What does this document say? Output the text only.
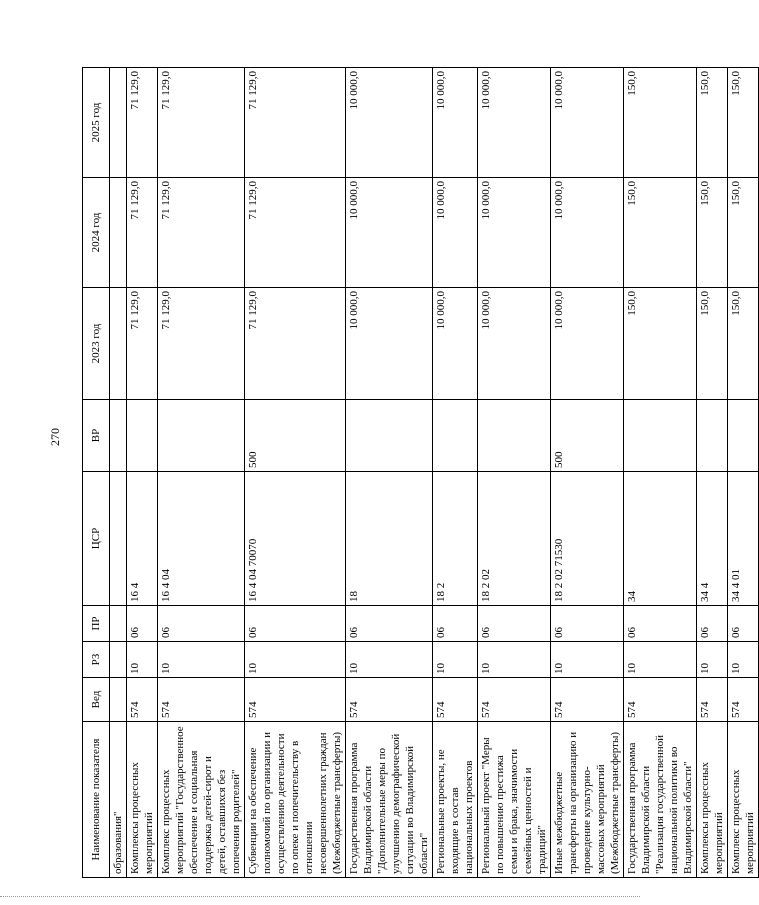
270
Наименование показателя	Вед	РЗ	ПР	ЦСР	ВР	2023 год	2024 год	2025 год
образования"								
Комплексы процессных мероприятий	574	10	06	16 4		71 129,0	71 129,0	71 129,0
Комплекс процессных мероприятий "Государственное обеспечение и социальная поддержка детей-сирот и детей, оставшихся без попечения родителей"	574	10	06	16 4 04		71 129,0	71 129,0	71 129,0
Субвенции на обеспечение полномочий по организации и осуществлению деятельности по опеке и попечительству в отношении несовершеннолетних граждан (Межбюджетные трансферты)	574	10	06	16 4 04 70070	500	71 129,0	71 129,0	71 129,0
Государственная программа Владимирской области "Дополнительные меры по улучшению демографической ситуации во Владимирской области"	574	10	06	18		10 000,0	10 000,0	10 000,0
Региональные проекты, не входящие в состав национальных проектов	574	10	06	18 2		10 000,0	10 000,0	10 000,0
Региональный проект "Меры по повышению престижа семьи и брака, значимости семейных ценностей и традиций"	574	10	06	18 2 02		10 000,0	10 000,0	10 000,0
Иные межбюджетные трансферты на организацию и проведение культурно-массовых мероприятий (Межбюджетные трансферты)	574	10	06	18 2 02 71530	500	10 000,0	10 000,0	10 000,0
Государственная программа Владимирской области "Реализация государственной национальной политики во Владимирской области"	574	10	06	34		150,0	150,0	150,0
Комплексы процессных мероприятий	574	10	06	34 4		150,0	150,0	150,0
Комплекс процессных мероприятий	574	10	06	34 4 01		150,0	150,0	150,0
